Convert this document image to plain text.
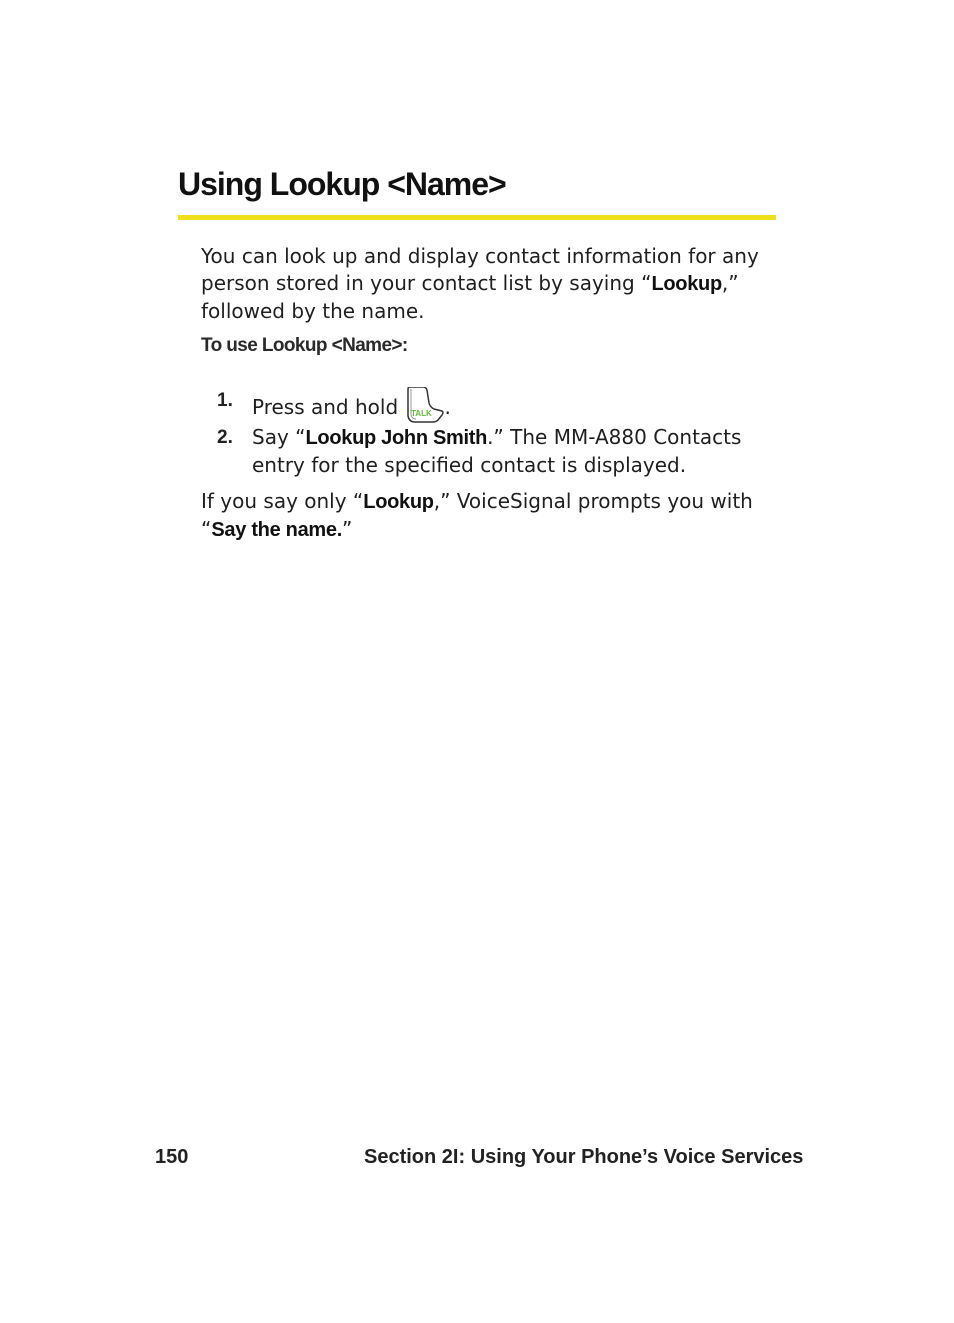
Using Lookup <Name>

You can look up and display contact information for any person stored in your contact list by saying “Lookup,” followed by the name.

To use Lookup <Name>:
1. Press and hold TALK .
2. Say “Lookup John Smith.” The MM-A880 Contacts entry for the specified contact is displayed.

If you say only “Lookup,” VoiceSignal prompts you with “Say the name.”

150	Section 2I: Using Your Phone’s Voice Services
